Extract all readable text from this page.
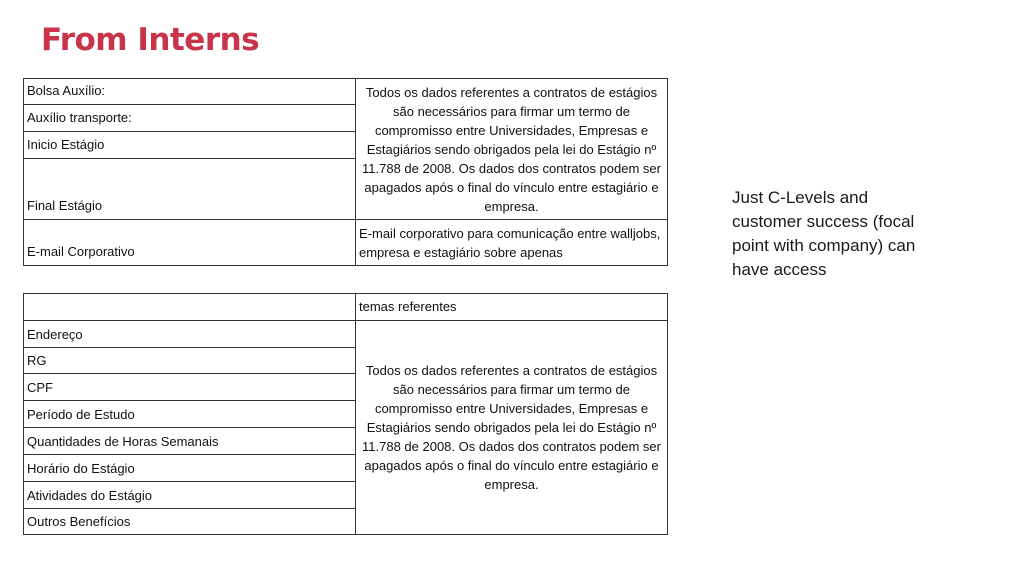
From Interns
Bolsa Auxílio:	Todos os dados referentes a contratos de estágios são necessários para firmar um termo de compromisso entre Universidades, Empresas e Estagiários sendo obrigados pela lei do Estágio nº 11.788 de 2008. Os dados dos contratos podem ser apagados após o final do vínculo entre estagiário e empresa.
Auxílio transporte:	
Inicio Estágio	
Final Estágio	
E-mail Corporativo	E-mail corporativo para comunicação entre walljobs, empresa e estagiário sobre apenas
	temas referentes
Endereço	Todos os dados referentes a contratos de estágios são necessários para firmar um termo de compromisso entre Universidades, Empresas e Estagiários sendo obrigados pela lei do Estágio nº 11.788 de 2008. Os dados dos contratos podem ser apagados após o final do vínculo entre estagiário e empresa.
RG	
CPF	
Período de Estudo	
Quantidades de Horas Semanais	
Horário do Estágio	
Atividades do Estágio	
Outros Benefícios	

Just C-Levels and customer success (focal point with company) can have access
